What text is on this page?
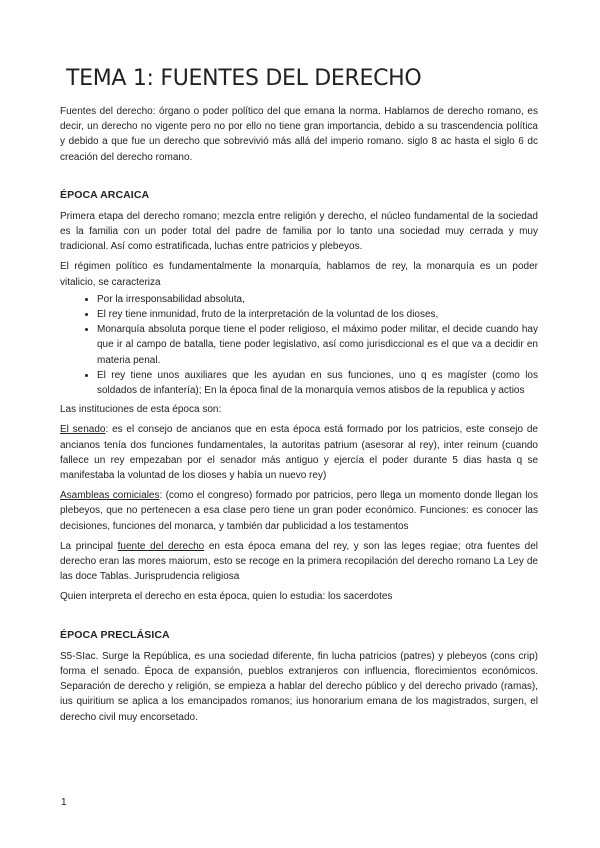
TEMA 1: FUENTES DEL DERECHO

Fuentes del derecho: órgano o poder político del que emana la norma. Hablamos de derecho romano, es decir, un derecho no vigente pero no por ello no tiene gran importancia, debido a su trascendencia política y debido a que fue un derecho que sobrevivió más allá del imperio romano. siglo 8 ac hasta el siglo 6 dc creación del derecho romano.

ÉPOCA ARCAICA

Primera etapa del derecho romano; mezcla entre religión y derecho, el núcleo fundamental de la sociedad es la familia con un poder total del padre de familia por lo tanto una sociedad muy cerrada y muy tradicional. Así como estratificada, luchas entre patricios y plebeyos.

El régimen político es fundamentalmente la monarquía, hablamos de rey, la monarquía es un poder vitalicio, se caracteriza

• Por la irresponsabilidad absoluta,
• El rey tiene inmunidad, fruto de la interpretación de la voluntad de los dioses,
• Monarquía absoluta porque tiene el poder religioso, el máximo poder militar, el decide cuando hay que ir al campo de batalla, tiene poder legislativo, así como jurisdiccional es el que va a decidir en materia penal.
• El rey tiene unos auxiliares que les ayudan en sus funciones, uno q es magíster (como los soldados de infantería); En la época final de la monarquía vemos atisbos de la republica y actios

Las instituciones de esta época son:

El senado: es el consejo de ancianos que en esta época está formado por los patricios, este consejo de ancianos tenía dos funciones fundamentales, la autoritas patrium (asesorar al rey), inter reinum (cuando fallece un rey empezaban por el senador más antiguo y ejercía el poder durante 5 dias hasta q se manifestaba la voluntad de los dioses y había un nuevo rey)

Asambleas comiciales: (como el congreso) formado por patricios, pero llega un momento donde llegan los plebeyos, que no pertenecen a esa clase pero tiene un gran poder económico. Funciones: es conocer las decisiones, funciones del monarca, y también dar publicidad a los testamentos

La principal fuente del derecho en esta época emana del rey, y son las leges regiae; otra fuentes del derecho eran las mores maiorum, esto se recoge en la primera recopilación del derecho romano La Ley de las doce Tablas. Jurisprudencia religiosa

Quien interpreta el derecho en esta época, quien lo estudia: los sacerdotes

ÉPOCA PRECLÁSICA

S5-SIac. Surge la República, es una sociedad diferente, fin lucha patricios (patres) y plebeyos (cons crip) forma el senado. Época de expansión, pueblos extranjeros con influencia, florecimientos económicos. Separación de derecho y religión, se empieza a hablar del derecho público y del derecho privado (ramas), ius quiritium se aplica a los emancipados romanos; ius honorarium emana de los magistrados, surgen, el derecho civil muy encorsetado.

1
